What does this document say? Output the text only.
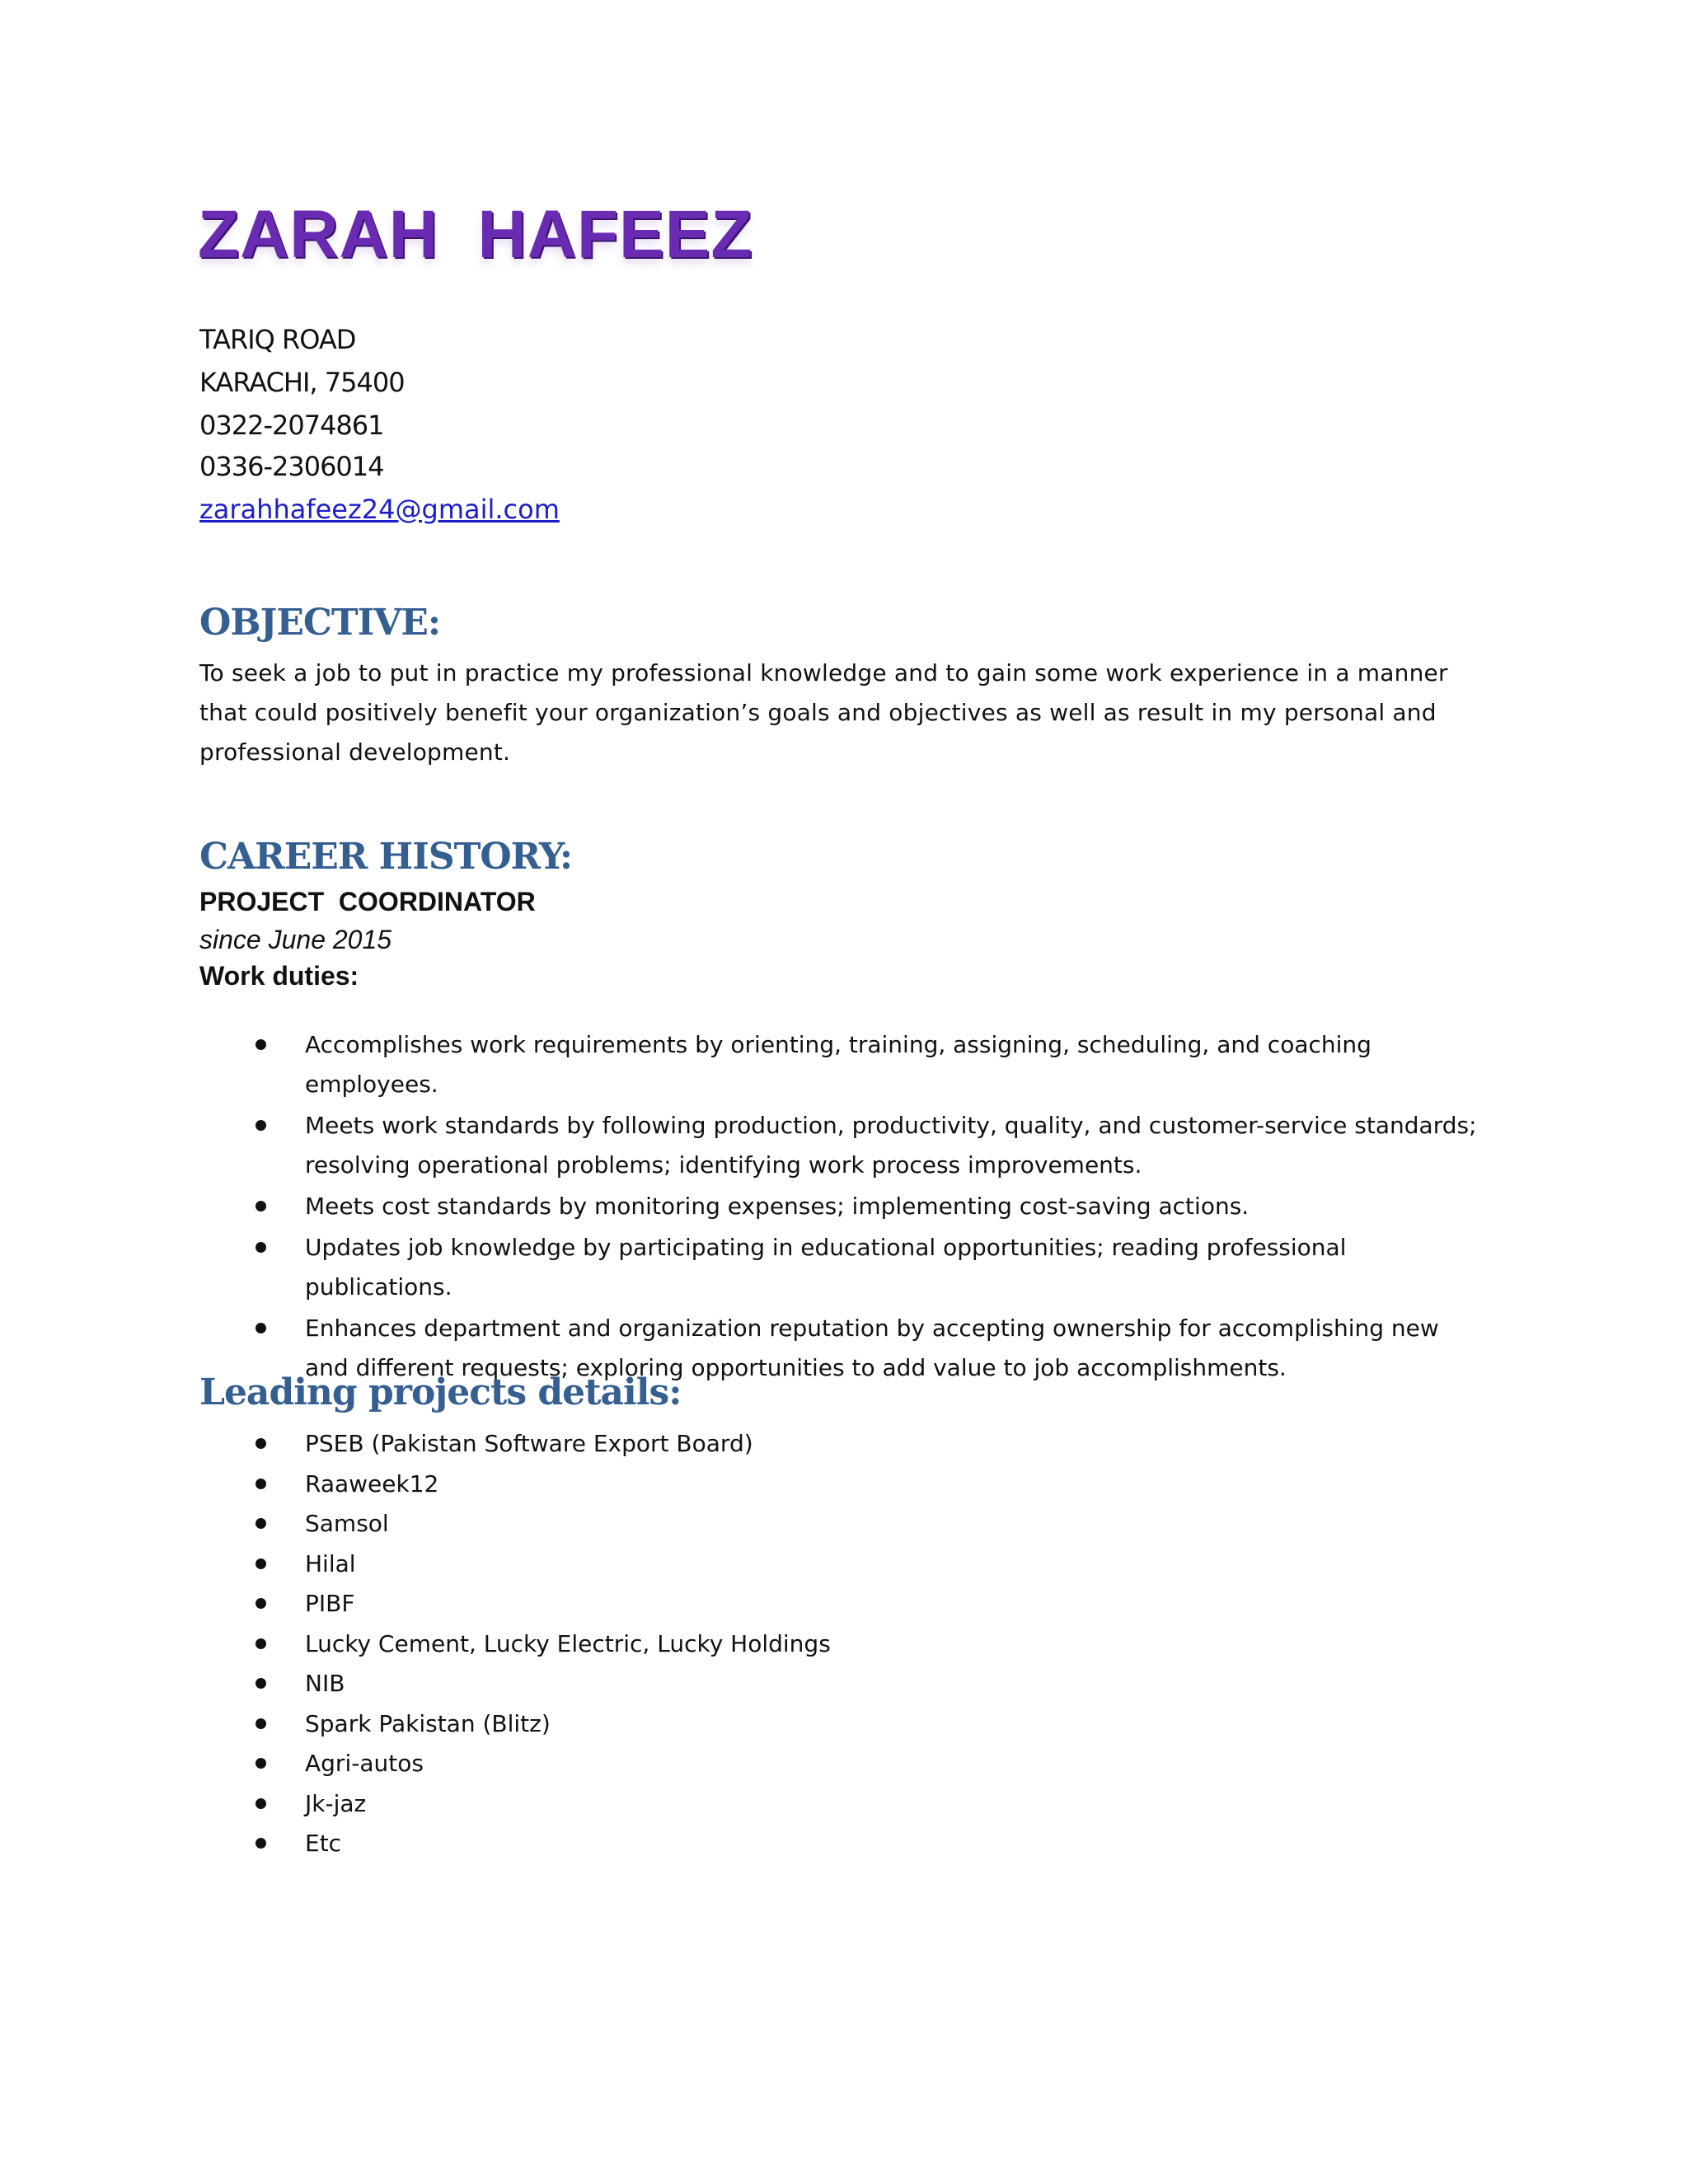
ZARAH  HAFEEZ

TARIQ ROAD

KARACHI, 75400

0322-2074861

0336-2306014

zarahhafeez24@gmail.com

OBJECTIVE:

To seek a job to put in practice my professional knowledge and to gain some work experience in a manner that could positively benefit your organization’s goals and objectives as well as result in my personal and professional development.

CAREER HISTORY:

PROJECT  COORDINATOR

since June 2015

Work duties:

Accomplishes work requirements by orienting, training, assigning, scheduling, and coaching employees.
Meets work standards by following production, productivity, quality, and customer-service standards; resolving operational problems; identifying work process improvements.
Meets cost standards by monitoring expenses; implementing cost-saving actions.
Updates job knowledge by participating in educational opportunities; reading professional publications.
Enhances department and organization reputation by accepting ownership for accomplishing new and different requests; exploring opportunities to add value to job accomplishments.
Leading projects details:
PSEB (Pakistan Software Export Board)
Raaweek12
Samsol
Hilal
PIBF
Lucky Cement, Lucky Electric, Lucky Holdings
NIB
Spark Pakistan (Blitz)
Agri-autos
Jk-jaz
Etc
